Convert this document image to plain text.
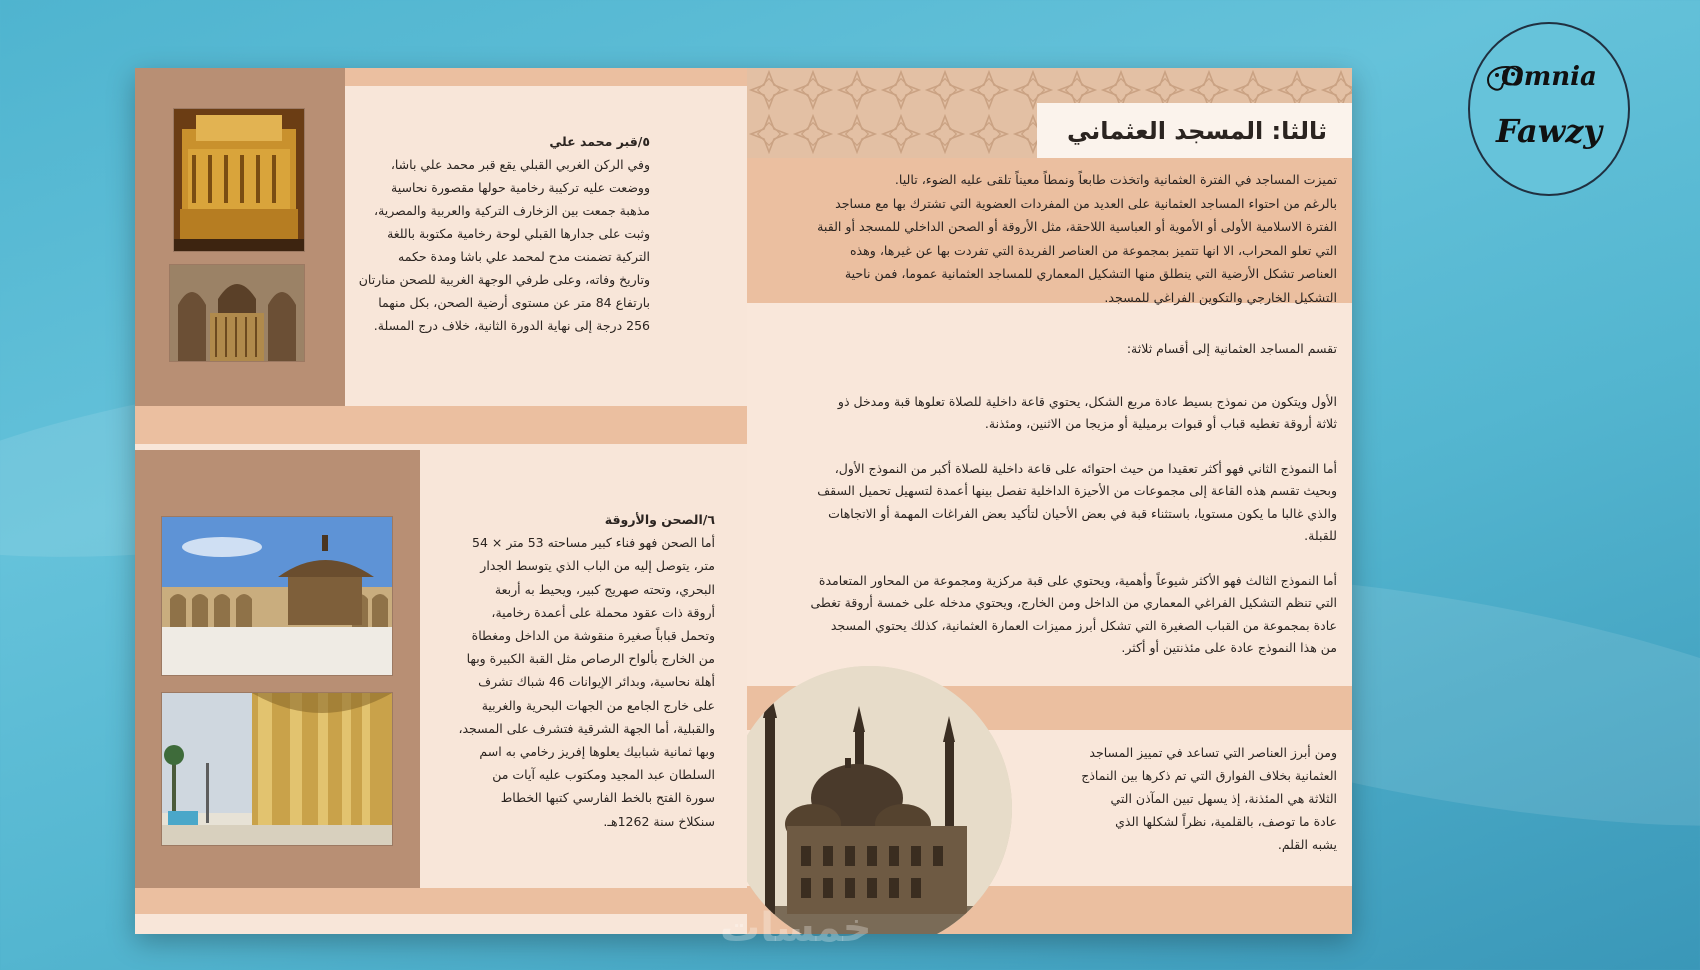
٥/قبر محمد علي

وفي الركن الغربي القبلي يقع قبر محمد علي باشا،

ووضعت عليه تركيبة رخامية حولها مقصورة نحاسية

مذهبة جمعت بين الزخارف التركية والعربية والمصرية،

وثبت على جدارها القبلي لوحة رخامية مكتوبة باللغة

التركية تضمنت مدح لمحمد علي باشا ومدة حكمه

وتاريخ وفاته، وعلى طرفي الوجهة الغربية للصحن منارتان

بارتفاع 84 متر عن مستوى أرضية الصحن، بكل منهما

256 درجة إلى نهاية الدورة الثانية، خلاف درج المسلة.

٦/الصحن والأروقة

أما الصحن فهو فناء كبير مساحته 53 متر × 54

متر، يتوصل إليه من الباب الذي يتوسط الجدار

البحري، وتحته صهريج كبير، ويحيط به أربعة

أروقة ذات عقود محملة على أعمدة رخامية،

وتحمل قباباً صغيرة منقوشة من الداخل ومغطاة

من الخارج بألواح الرصاص مثل القبة الكبيرة وبها

أهلة نحاسية، وبدائر الإيوانات 46 شباك تشرف

على خارج الجامع من الجهات البحرية والغربية

والقبلية، أما الجهة الشرقية فتشرف على المسجد،

وبها ثمانية شبابيك يعلوها إفريز رخامي به اسم

السلطان عبد المجيد ومكتوب عليه آيات من

سورة الفتح بالخط الفارسي كتبها الخطاط

سنكلاخ سنة 1262هـ.

ثالثا: المسجد العثماني

تميزت المساجد في الفترة العثمانية واتخذت طابعاً ونمطاً معيناً تلقى عليه الضوء، تاليا.

بالرغم من احتواء المساجد العثمانية على العديد من المفردات العضوية التي تشترك بها مع مساجد

الفترة الاسلامية الأولى أو الأموية أو العباسية اللاحقة، مثل الأروقة أو الصحن الداخلي للمسجد أو القبة

التي تعلو المحراب، الا انها تتميز بمجموعة من العناصر الفريدة التي تفردت بها عن غيرها، وهذه

العناصر تشكل الأرضية التي ينطلق منها التشكيل المعماري للمساجد العثمانية عموما، فمن ناحية

التشكيل الخارجي والتكوين الفراغي للمسجد.

تقسم المساجد العثمانية إلى أقسام ثلاثة:

الأول ويتكون من نموذج بسيط عادة مربع الشكل، يحتوي قاعة داخلية للصلاة تعلوها قبة ومدخل ذو
ثلاثة أروقة تغطيه قباب أو قبوات برميلية أو مزيجا من الاثنين، ومئذنة.

أما النموذج الثاني فهو أكثر تعقيدا من حيث احتوائه على قاعة داخلية للصلاة أكبر من النموذج الأول،
وبحيث تقسم هذه القاعة إلى مجموعات من الأحيزة الداخلية تفصل بينها أعمدة لتسهيل تحميل السقف
والذي غالبا ما يكون مستويا، باستثناء قبة في بعض الأحيان لتأكيد بعض الفراغات المهمة أو الاتجاهات
للقبلة.

أما النموذج الثالث فهو الأكثر شيوعاً وأهمية، ويحتوي على قبة مركزية ومجموعة من المحاور المتعامدة
التي تنظم التشكيل الفراغي المعماري من الداخل ومن الخارج، ويحتوي مدخله على خمسة أروقة تغطى
عادة بمجموعة من القباب الصغيرة التي تشكل أبرز مميزات العمارة العثمانية، كذلك يحتوي المسجد
من هذا النموذج عادة على مئذنتين أو أكثر.

ومن أبرز العناصر التي تساعد في تمييز المساجد

العثمانية بخلاف الفوارق التي تم ذكرها بين النماذج

الثلاثة هي المئذنة، إذ يسهل تبين المآذن التي

عادة ما توصف، بالقلمية، نظراً لشكلها الذي

يشبه القلم.

Omnia
Fawzy
خمسات
